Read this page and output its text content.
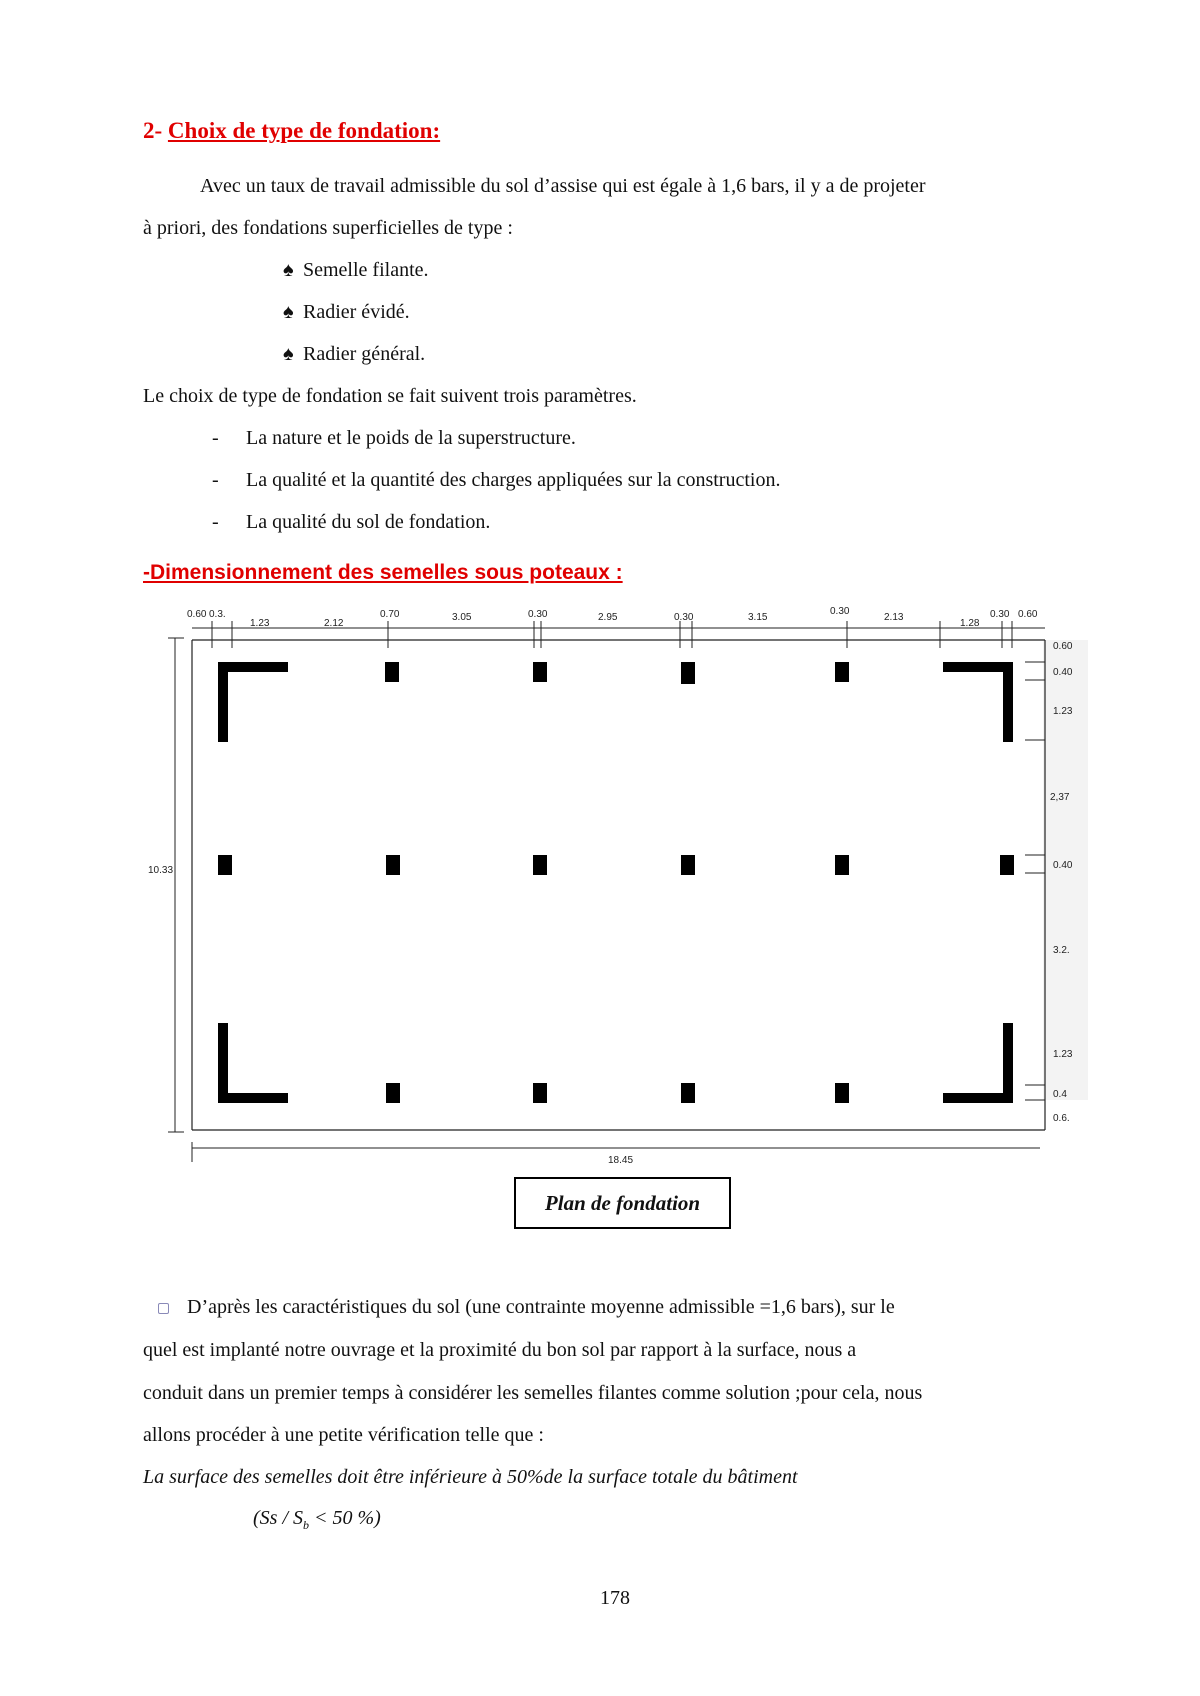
2- Choix de type de fondation:
Avec un taux de travail admissible du sol d’assise qui est égale à 1,6 bars, il y a de projeter
à priori, des fondations superficielles de type :
♠ Semelle filante.
♠ Radier évidé.
♠ Radier général.
Le choix de type de fondation se fait suivent trois paramètres.
- La nature et le poids de la superstructure.
- La qualité et la quantité des charges appliquées sur la construction.
- La qualité du sol de fondation.
-Dimensionnement des semelles sous poteaux :
0.60 0.3.
1.23	2.12
0.70	3.05	0.30	2.95	0.30	3.15
0.30
2.13
1.28
0.30 0.60
10.33
18.45
0.60
0.40
1.23
2,37
0.40
3.2.
1.23
0.4
0.6.
Plan de fondation
D’après les caractéristiques du sol (une contrainte moyenne admissible =1,6 bars), sur le
quel est implanté notre ouvrage et la proximité du bon sol par rapport à la surface, nous a
conduit dans un premier temps à considérer les semelles filantes comme solution ;pour cela, nous
allons procéder à une petite vérification telle que :
La surface des semelles doit être inférieure à 50%de la surface totale du bâtiment
($Ss / S_b < 50$ %)
178
